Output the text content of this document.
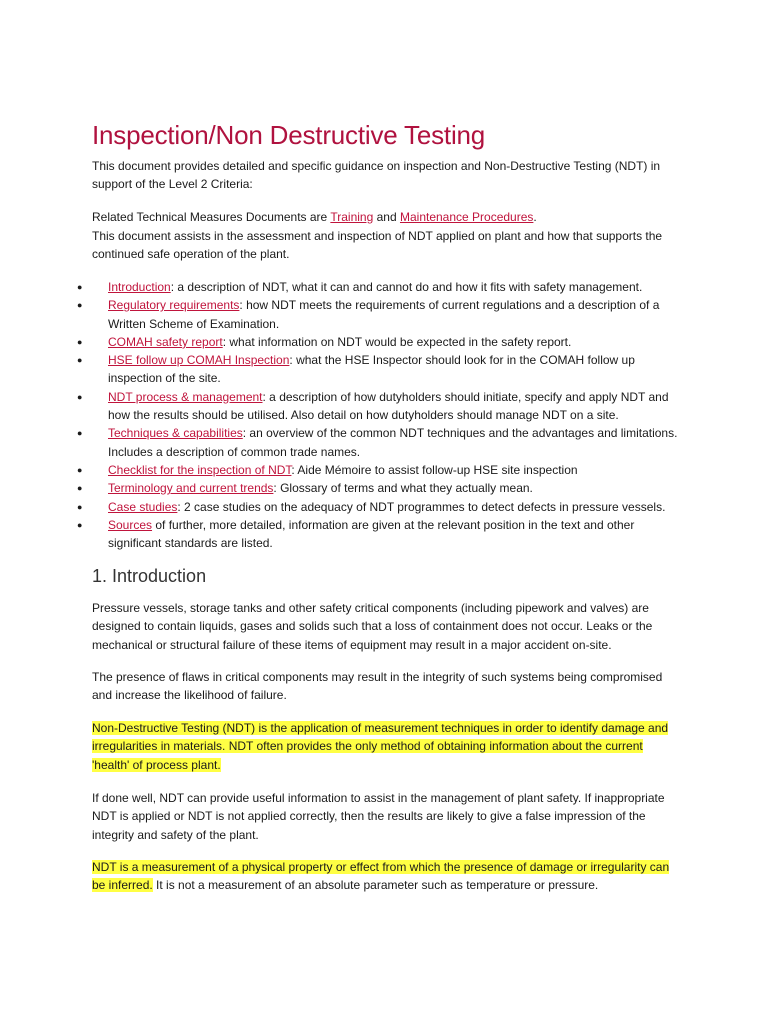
Inspection/Non Destructive Testing

This document provides detailed and specific guidance on inspection and Non-Destructive Testing (NDT) in support of the Level 2 Criteria:

Related Technical Measures Documents are Training and Maintenance Procedures.

This document assists in the assessment and inspection of NDT applied on plant and how that supports the continued safe operation of the plant.

● Introduction: a description of NDT, what it can and cannot do and how it fits with safety management.
● Regulatory requirements: how NDT meets the requirements of current regulations and a description of a Written Scheme of Examination.
● COMAH safety report: what information on NDT would be expected in the safety report.
● HSE follow up COMAH Inspection: what the HSE Inspector should look for in the COMAH follow up inspection of the site.
● NDT process & management: a description of how dutyholders should initiate, specify and apply NDT and how the results should be utilised. Also detail on how dutyholders should manage NDT on a site.
● Techniques & capabilities: an overview of the common NDT techniques and the advantages and limitations. Includes a description of common trade names.
● Checklist for the inspection of NDT: Aide Mémoire to assist follow-up HSE site inspection
● Terminology and current trends: Glossary of terms and what they actually mean.
● Case studies: 2 case studies on the adequacy of NDT programmes to detect defects in pressure vessels.
● Sources of further, more detailed, information are given at the relevant position in the text and other significant standards are listed.
1. Introduction

Pressure vessels, storage tanks and other safety critical components (including pipework and valves) are designed to contain liquids, gases and solids such that a loss of containment does not occur. Leaks or the mechanical or structural failure of these items of equipment may result in a major accident on-site.

The presence of flaws in critical components may result in the integrity of such systems being compromised and increase the likelihood of failure.

Non-Destructive Testing (NDT) is the application of measurement techniques in order to identify damage and irregularities in materials. NDT often provides the only method of obtaining information about the current 'health' of process plant.

If done well, NDT can provide useful information to assist in the management of plant safety. If inappropriate NDT is applied or NDT is not applied correctly, then the results are likely to give a false impression of the integrity and safety of the plant.

NDT is a measurement of a physical property or effect from which the presence of damage or irregularity can be inferred. It is not a measurement of an absolute parameter such as temperature or pressure.
